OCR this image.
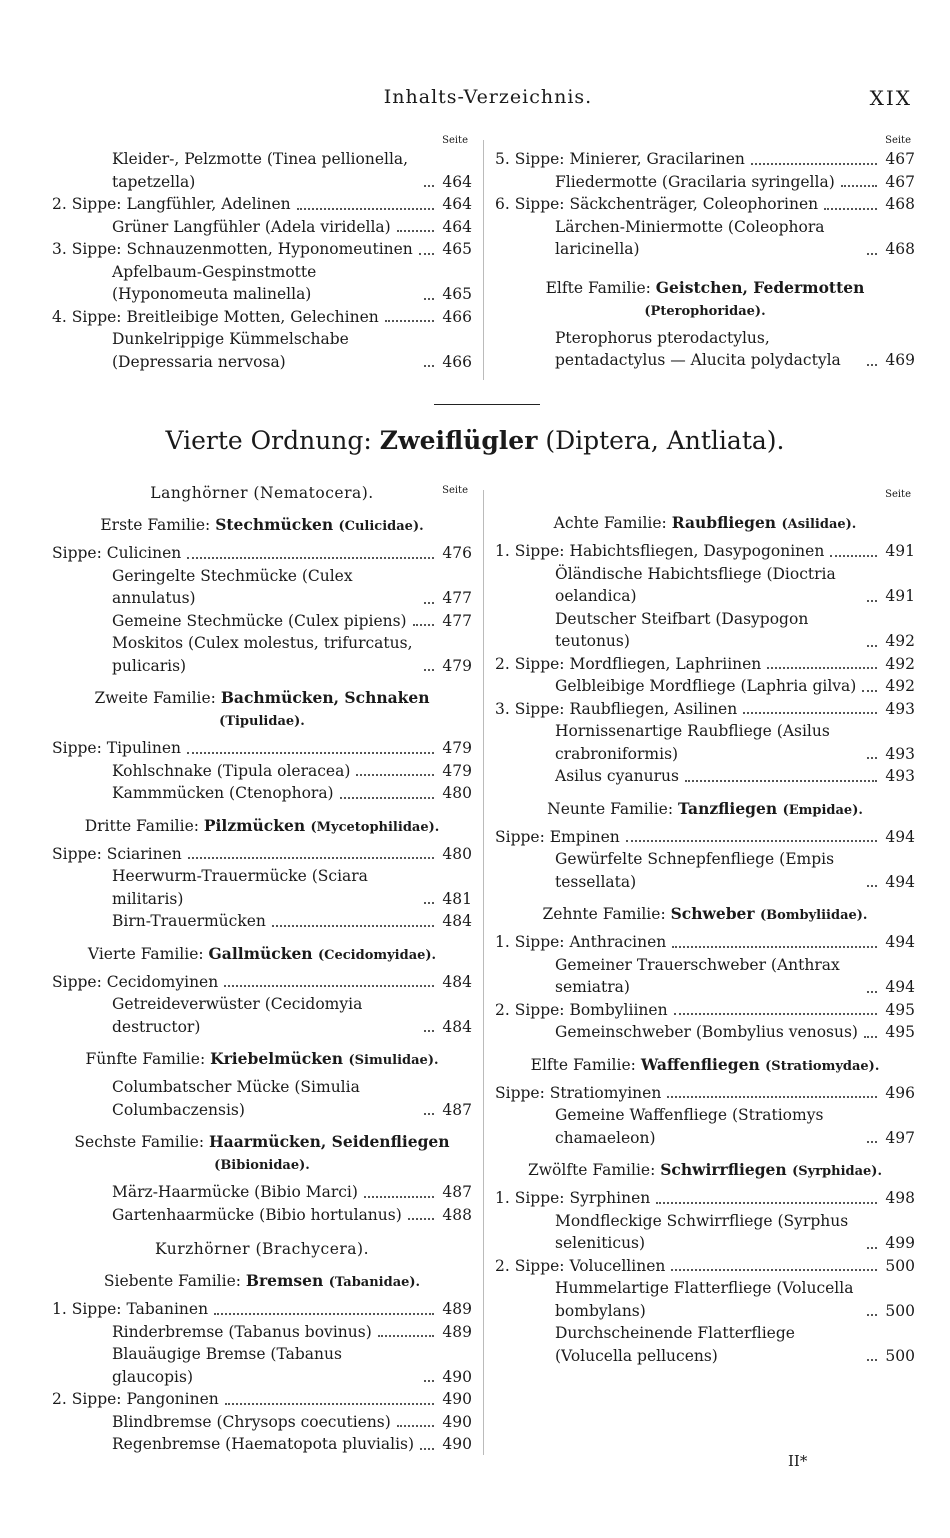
Inhalts-Verzeichnis.	XIX
Seite
Kleider-, Pelzmotte (Tinea pellionella, tapetzella)	464
2. Sippe: Langfühler, Adelinen	464
Grüner Langfühler (Adela viridella)	464
3. Sippe: Schnauzenmotten, Hyponomeutinen 465
Apfelbaum-Gespinstmotte (Hyponomeuta malinella)	465
4. Sippe: Breitleibige Motten, Gelechinen	466
Dunkelrippige Kümmelschabe (Depressaria nervosa)	466
Seite
5. Sippe: Minierer, Gracilarinen	467
Fliedermotte (Gracilaria syringella)	467
6. Sippe: Säckchenträger, Coleophorinen	468
Lärchen-Miniermotte (Coleophora laricinella)	468
Elfte Familie: Geistchen, Federmotten
(Pterophoridae).
Pterophorus pterodactylus, pentadactylus — Alucita polydactyla	469
Vierte Ordnung: Zweiflügler (Diptera, Antliata).
Langhörner (Nematocera).	Seite
Erste Familie: Stechmücken (Culicidae).
Sippe: Culicinen	476
Geringelte Stechmücke (Culex annulatus)	477
Gemeine Stechmücke (Culex pipiens) 477
Moskitos (Culex molestus, trifurcatus, pulicaris)	479
Zweite Familie: Bachmücken, Schnaken (Tipulidae).
Sippe: Tipulinen	479
Kohlschnake (Tipula oleracea)	479
Kammmücken (Ctenophora)	480
Dritte Familie: Pilzmücken (Mycetophilidae).
Sippe: Sciarinen	480
Heerwurm-Trauermücke (Sciara militaris)	481
Birn-Trauermücken	484
Vierte Familie: Gallmücken (Cecidomyidae).
Sippe: Cecidomyinen	484
Getreideverwüster (Cecidomyia destructor)	484
Fünfte Familie: Kriebelmücken (Simulidae).
Columbatscher Mücke (Simulia Columbaczensis)	487
Sechste Familie: Haarmücken, Seidenfliegen (Bibionidae).
März-Haarmücke (Bibio Marci)	487
Gartenhaarmücke (Bibio hortulanus)	488
Kurzhörner (Brachycera).
Siebente Familie: Bremsen (Tabanidae).
1. Sippe: Tabaninen	489
Rinderbremse (Tabanus bovinus)	489
Blauäugige Bremse (Tabanus glaucopis)	490
2. Sippe: Pangoninen	490
Blindbremse (Chrysops coecutiens)	490
Regenbremse (Haematopota pluvialis) 490
Seite
Achte Familie: Raubfliegen (Asilidae).
1. Sippe: Habichtsfliegen, Dasypogoninen	491
Öländische Habichtsfliege (Dioctria oelandica)	491
Deutscher Steifbart (Dasypogon teutonus)	492
2. Sippe: Mordfliegen, Laphriinen	492
Gelbleibige Mordfliege (Laphria gilva) 492
3. Sippe: Raubfliegen, Asilinen	493
Hornissenartige Raubfliege (Asilus crabroniformis)	493
Asilus cyanurus	493
Neunte Familie: Tanzfliegen (Empidae).
Sippe: Empinen	494
Gewürfelte Schnepfenfliege (Empis tessellata)	494
Zehnte Familie: Schweber (Bombyliidae).
1. Sippe: Anthracinen	494
Gemeiner Trauerschweber (Anthrax semiatra)	494
2. Sippe: Bombyliinen	495
Gemeinschweber (Bombylius venosus) 495
Elfte Familie: Waffenfliegen (Stratiomydae).
Sippe: Stratiomyinen	496
Gemeine Waffenfliege (Stratiomys chamaeleon)	497
Zwölfte Familie: Schwirrfliegen (Syrphidae).
1. Sippe: Syrphinen	498
Mondfleckige Schwirrfliege (Syrphus seleniticus)	499
2. Sippe: Volucellinen	500
Hummelartige Flatterfliege (Volucella bombylans)	500
Durchscheinende Flatterfliege (Volucella pellucens)	500
II*
